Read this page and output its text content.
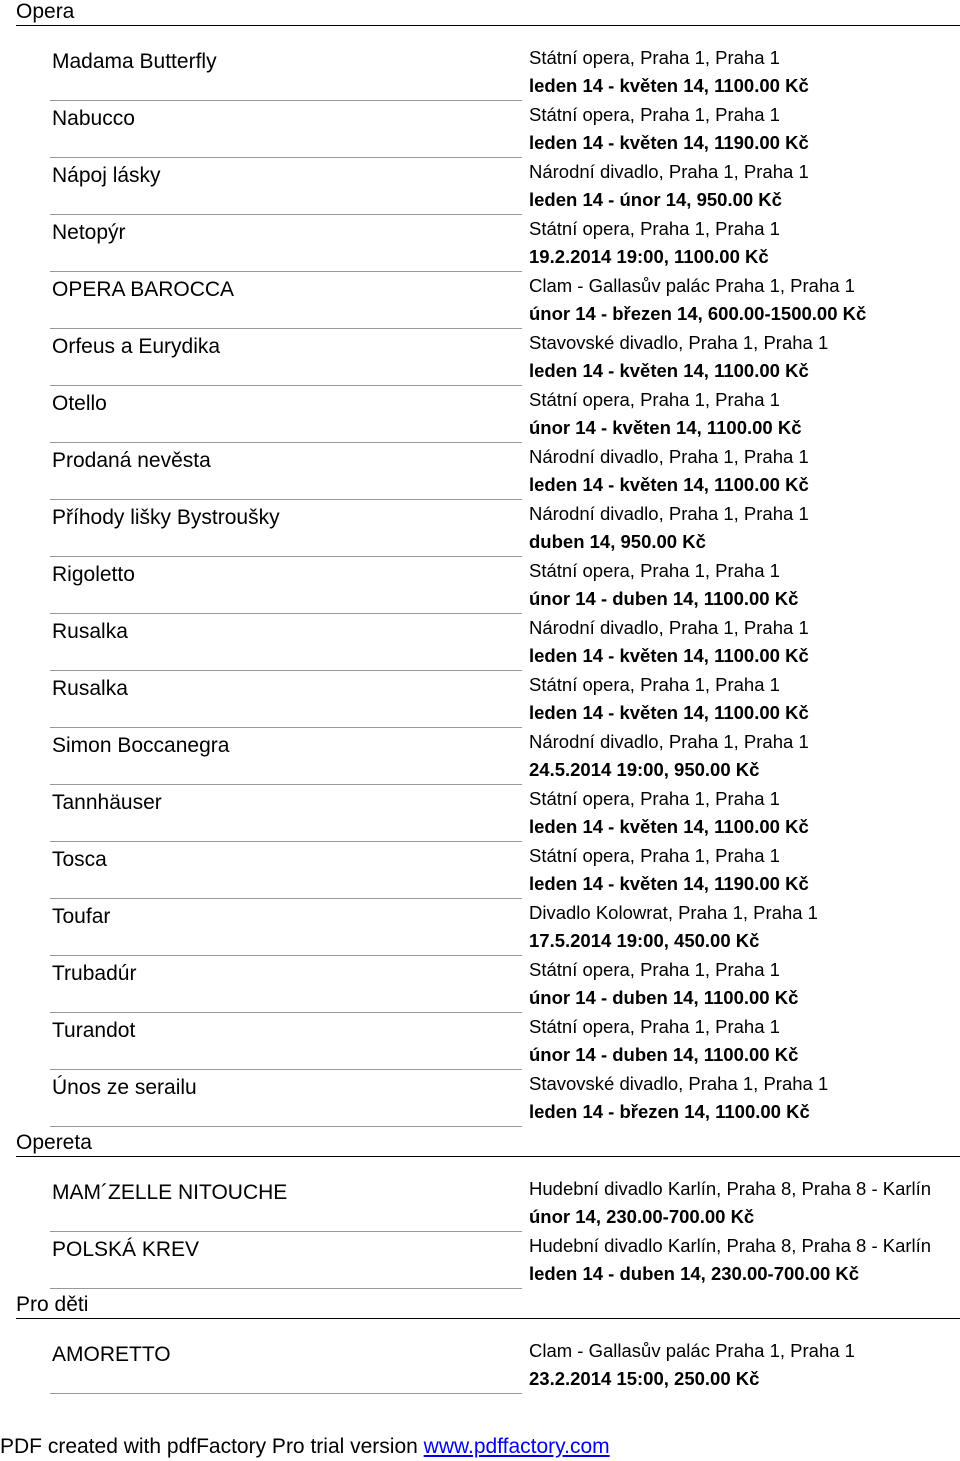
Opera
Madama Butterfly	Státní opera, Praha 1, Praha 1
leden 14 - květen 14, 1100.00 Kč
Nabucco	Státní opera, Praha 1, Praha 1
leden 14 - květen 14, 1190.00 Kč
Nápoj lásky	Národní divadlo, Praha 1, Praha 1
leden 14 - únor 14, 950.00 Kč
Netopýr	Státní opera, Praha 1, Praha 1
19.2.2014 19:00, 1100.00 Kč
OPERA BAROCCA	Clam - Gallasův palác Praha 1, Praha 1
únor 14 - březen 14, 600.00-1500.00 Kč
Orfeus a Eurydika	Stavovské divadlo, Praha 1, Praha 1
leden 14 - květen 14, 1100.00 Kč
Otello	Státní opera, Praha 1, Praha 1
únor 14 - květen 14, 1100.00 Kč
Prodaná nevěsta	Národní divadlo, Praha 1, Praha 1
leden 14 - květen 14, 1100.00 Kč
Příhody lišky Bystroušky	Národní divadlo, Praha 1, Praha 1
duben 14, 950.00 Kč
Rigoletto	Státní opera, Praha 1, Praha 1
únor 14 - duben 14, 1100.00 Kč
Rusalka	Národní divadlo, Praha 1, Praha 1
leden 14 - květen 14, 1100.00 Kč
Rusalka	Státní opera, Praha 1, Praha 1
leden 14 - květen 14, 1100.00 Kč
Simon Boccanegra	Národní divadlo, Praha 1, Praha 1
24.5.2014 19:00, 950.00 Kč
Tannhäuser	Státní opera, Praha 1, Praha 1
leden 14 - květen 14, 1100.00 Kč
Tosca	Státní opera, Praha 1, Praha 1
leden 14 - květen 14, 1190.00 Kč
Toufar	Divadlo Kolowrat, Praha 1, Praha 1
17.5.2014 19:00, 450.00 Kč
Trubadúr	Státní opera, Praha 1, Praha 1
únor 14 - duben 14, 1100.00 Kč
Turandot	Státní opera, Praha 1, Praha 1
únor 14 - duben 14, 1100.00 Kč
Únos ze serailu	Stavovské divadlo, Praha 1, Praha 1
leden 14 - březen 14, 1100.00 Kč
Opereta
MAM´ZELLE NITOUCHE	Hudební divadlo Karlín, Praha 8, Praha 8 - Karlín
únor 14, 230.00-700.00 Kč
POLSKÁ KREV	Hudební divadlo Karlín, Praha 8, Praha 8 - Karlín
leden 14 - duben 14, 230.00-700.00 Kč
Pro děti
AMORETTO	Clam - Gallasův palác Praha 1, Praha 1
23.2.2014 15:00, 250.00 Kč
PDF created with pdfFactory Pro trial version www.pdffactory.com
